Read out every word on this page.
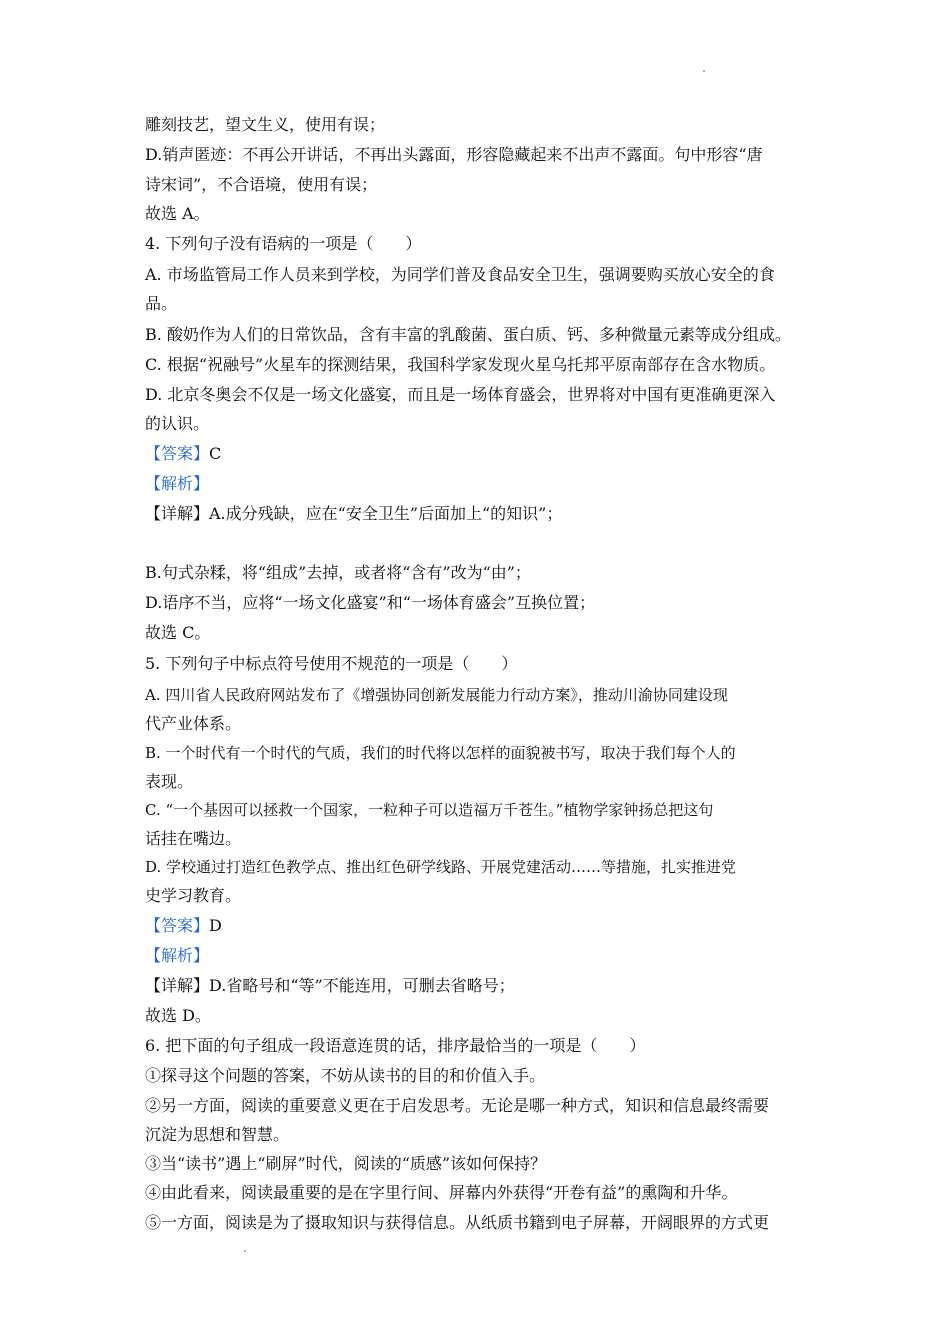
雕刻技艺，望文生义，使用有误；
D.销声匿迹：不再公开讲话，不再出头露面，形容隐藏起来不出声不露面。句中形容“唐
诗宋词”，不合语境，使用有误；
故选 A。
4. 下列句子没有语病的一项是（　　）
A. 市场监管局工作人员来到学校，为同学们普及食品安全卫生，强调要购买放心安全的食
品。
B. 酸奶作为人们的日常饮品，含有丰富的乳酸菌、蛋白质、钙、多种微量元素等成分组成。
C. 根据“祝融号”火星车的探测结果，我国科学家发现火星乌托邦平原南部存在含水物质。
D. 北京冬奥会不仅是一场文化盛宴，而且是一场体育盛会，世界将对中国有更准确更深入
的认识。
【答案】C
【解析】
【详解】A.成分残缺，应在“安全卫生”后面加上“的知识”；
B.句式杂糅，将“组成”去掉，或者将“含有”改为“由”；
D.语序不当，应将“一场文化盛宴”和“一场体育盛会”互换位置；
故选 C。
5. 下列句子中标点符号使用不规范的一项是（　　）
A. 四川省人民政府网站发布了《增强协同创新发展能力行动方案》，推动川渝协同建设现
代产业体系。
B. 一个时代有一个时代的气质，我们的时代将以怎样的面貌被书写，取决于我们每个人的
表现。
C. “一个基因可以拯救一个国家，一粒种子可以造福万千苍生。”植物学家钟扬总把这句
话挂在嘴边。
D. 学校通过打造红色教学点、推出红色研学线路、开展党建活动……等措施，扎实推进党
史学习教育。
【答案】D
【解析】
【详解】D.省略号和“等”不能连用，可删去省略号；
故选 D。
6. 把下面的句子组成一段语意连贯的话，排序最恰当的一项是（　　）
①探寻这个问题的答案，不妨从读书的目的和价值入手。
②另一方面，阅读的重要意义更在于启发思考。无论是哪一种方式，知识和信息最终需要
沉淀为思想和智慧。
③当“读书”遇上“刷屏”时代，阅读的“质感”该如何保持？
④由此看来，阅读最重要的是在字里行间、屏幕内外获得“开卷有益”的熏陶和升华。
⑤一方面，阅读是为了摄取知识与获得信息。从纸质书籍到电子屏幕，开阔眼界的方式更
